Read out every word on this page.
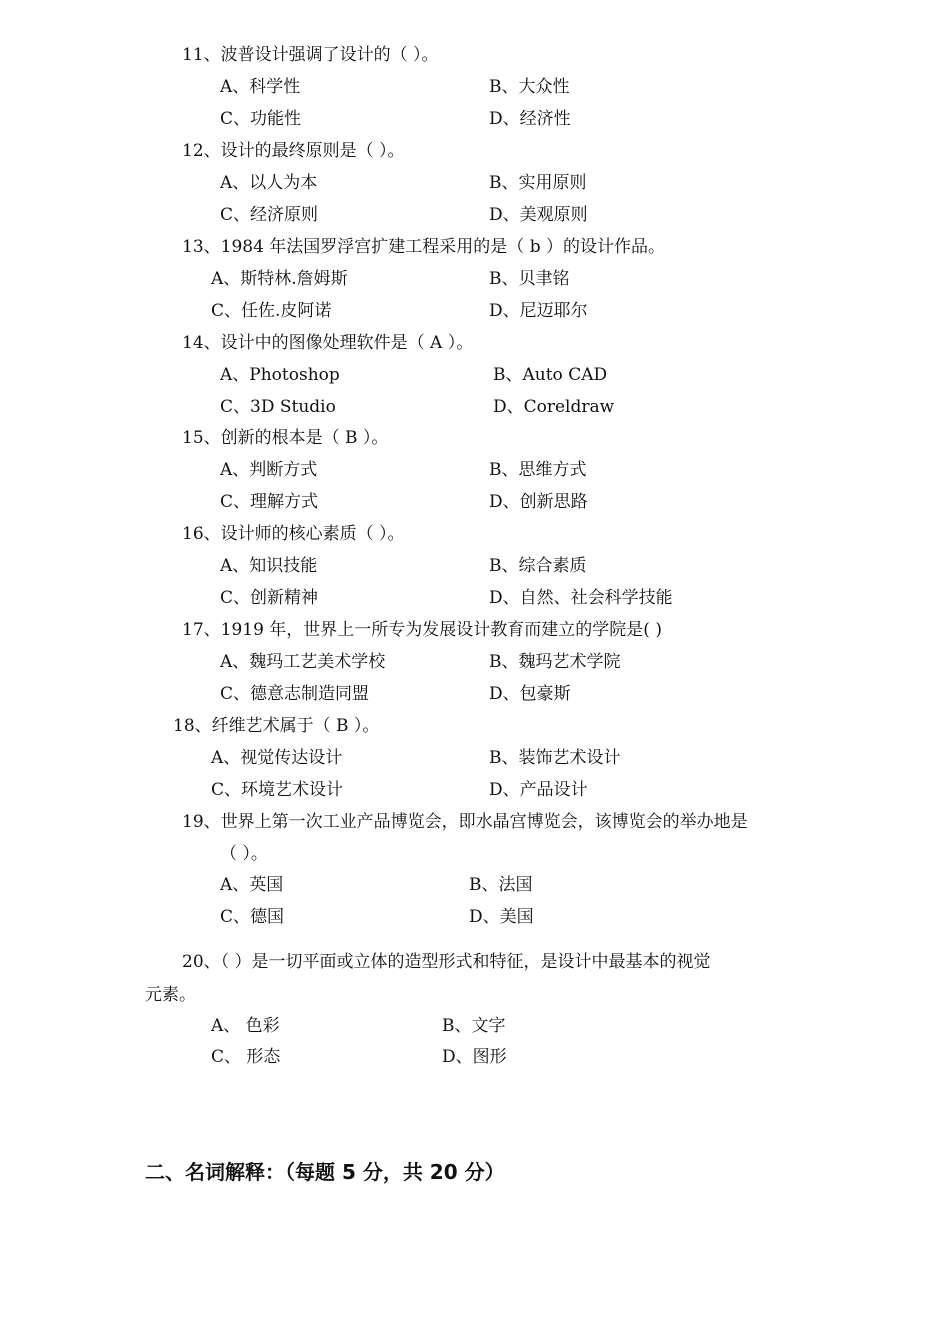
11、波普设计强调了设计的（ ）。
A、科学性	B、大众性
C、功能性	D、经济性
12、设计的最终原则是（ ）。
A、以人为本	B、实用原则
C、经济原则	D、美观原则
13、1984 年法国罗浮宫扩建工程采用的是（ b ）的设计作品。
A、斯特林.詹姆斯	B、贝聿铭
C、任佐.皮阿诺	D、尼迈耶尔
14、设计中的图像处理软件是（ A ）。
A、Photoshop	B、Auto CAD
C、3D Studio	D、Coreldraw
15、创新的根本是（ B ）。
A、判断方式	B、思维方式
C、理解方式	D、创新思路
16、设计师的核心素质（ ）。
A、知识技能	B、综合素质
C、创新精神	D、自然、社会科学技能
17、1919 年，世界上一所专为发展设计教育而建立的学院是( )
A、魏玛工艺美术学校	B、魏玛艺术学院
C、德意志制造同盟	D、包豪斯
18、纤维艺术属于（ B ）。
A、视觉传达设计	B、装饰艺术设计
C、环境艺术设计	D、产品设计
19、世界上第一次工业产品博览会，即水晶宫博览会，该博览会的举办地是
（ ）。
A、英国	B、法国
C、德国	D、美国
20、（ ）是一切平面或立体的造型形式和特征，是设计中最基本的视觉
元素。
A、 色彩	B、文字
C、 形态	D、图形
二、名词解释：（每题 5 分，共 20 分）
